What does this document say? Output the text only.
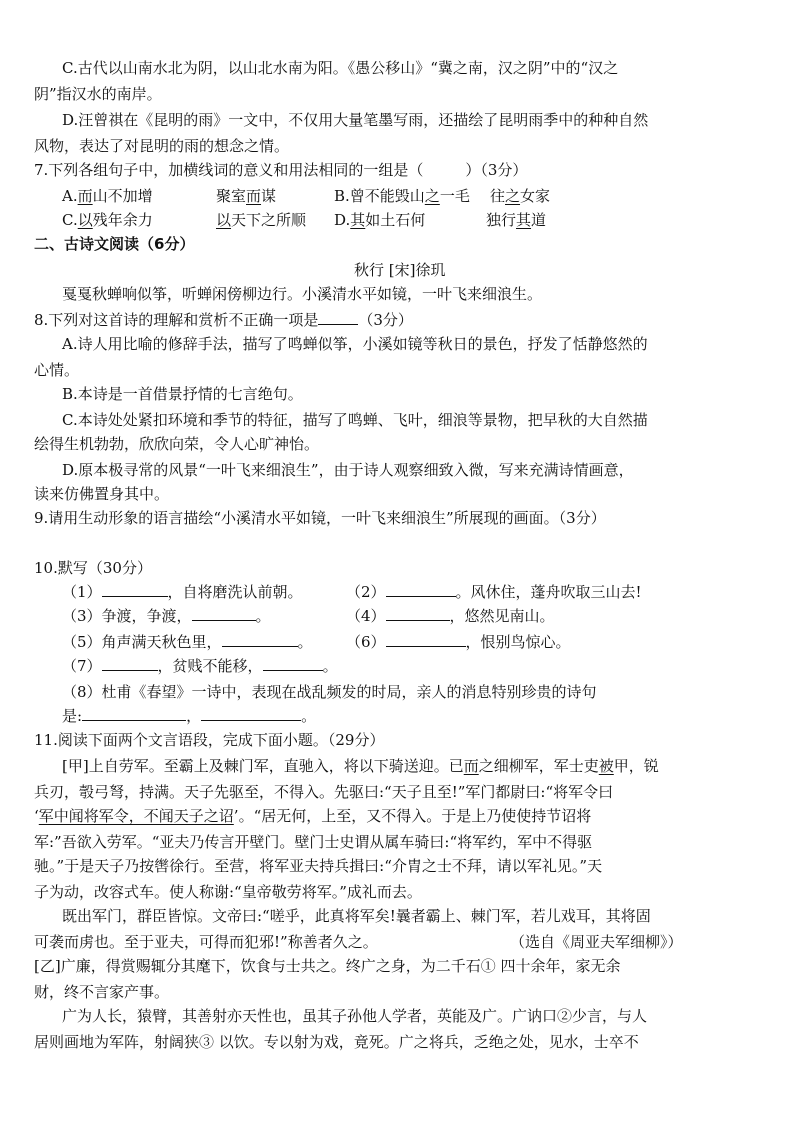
C.古代以山南水北为阴，以山北水南为阳。《愚公移山》“冀之南，汉之阴”中的“汉之
阴”指汉水的南岸。
D.汪曾祺在《昆明的雨》一文中，不仅用大量笔墨写雨，还描绘了昆明雨季中的种种自然
风物，表达了对昆明的雨的想念之情。
7.下列各组句子中，加横线词的意义和用法相同的一组是（	）（3分）
A.而山不加增	聚室而谋	B.曾不能毁山之一毛 往之女家
C.以残年余力	以天下之所顺 D.其如土石何	独行其道
二、古诗文阅读（6分）
秋行 [宋]徐玑
戛戛秋蝉响似筝，听蝉闲傍柳边行。小溪清水平如镜，一叶飞来细浪生。
8.下列对这首诗的理解和赏析不正确一项是	（3分）
A.诗人用比喻的修辞手法，描写了鸣蝉似筝，小溪如镜等秋日的景色，抒发了恬静悠然的
心情。
B.本诗是一首借景抒情的七言绝句。
C.本诗处处紧扣环境和季节的特征，描写了鸣蝉、飞叶，细浪等景物，把早秋的大自然描
绘得生机勃勃，欣欣向荣，令人心旷神怡。
D.原本极寻常的风景“一叶飞来细浪生”，由于诗人观察细致入微，写来充满诗情画意，
读来仿佛置身其中。
9.请用生动形象的语言描绘“小溪清水平如镜，一叶飞来细浪生”所展现的画面。（3分）
10.默写（30分）
（1）	，自将磨洗认前朝。	（2）	。风休住，蓬舟吹取三山去!
（3）争渡，争渡，	。	（4）	，悠然见南山。
（5）角声满天秋色里，	。 （6）	，恨别鸟惊心。
（7）	，贫贱不能移，	。
（8）杜甫《春望》一诗中，表现在战乱频发的时局，亲人的消息特别珍贵的诗句
是:	，	。
11.阅读下面两个文言语段，完成下面小题。（29分）
[甲]上自劳军。至霸上及棘门军，直驰入，将以下骑送迎。已而之细柳军，军士吏被甲，锐
兵刃，彀弓弩，持满。天子先驱至，不得入。先驱曰:“天子且至!”军门都尉曰:“将军令曰
‘军中闻将军令，不闻天子之诏’。“居无何，上至，又不得入。于是上乃使使持节诏将
军:”吾欲入劳军。“亚夫乃传言开壁门。壁门士史谓从属车骑曰:“将军约，军中不得驱
驰。”于是天子乃按辔徐行。至营，将军亚夫持兵揖曰:“介胄之士不拜，请以军礼见。”天
子为动，改容式车。使人称谢:“皇帝敬劳将军。”成礼而去。
既出军门，群臣皆惊。文帝曰:“嗟乎，此真将军矣!曩者霸上、棘门军，若儿戏耳，其将固
可袭而虏也。至于亚夫，可得而犯邪!”称善者久之。	（选自《周亚夫军细柳》）
[乙]广廉，得赏赐辄分其麾下，饮食与士共之。终广之身，为二千石① 四十余年，家无余
财，终不言家产事。
广为人长，猿臂，其善射亦天性也，虽其子孙他人学者，英能及广。广讷口②少言，与人
居则画地为军阵，射阔狭③ 以饮。专以射为戏，竟死。广之将兵，乏绝之处，见水，士卒不
